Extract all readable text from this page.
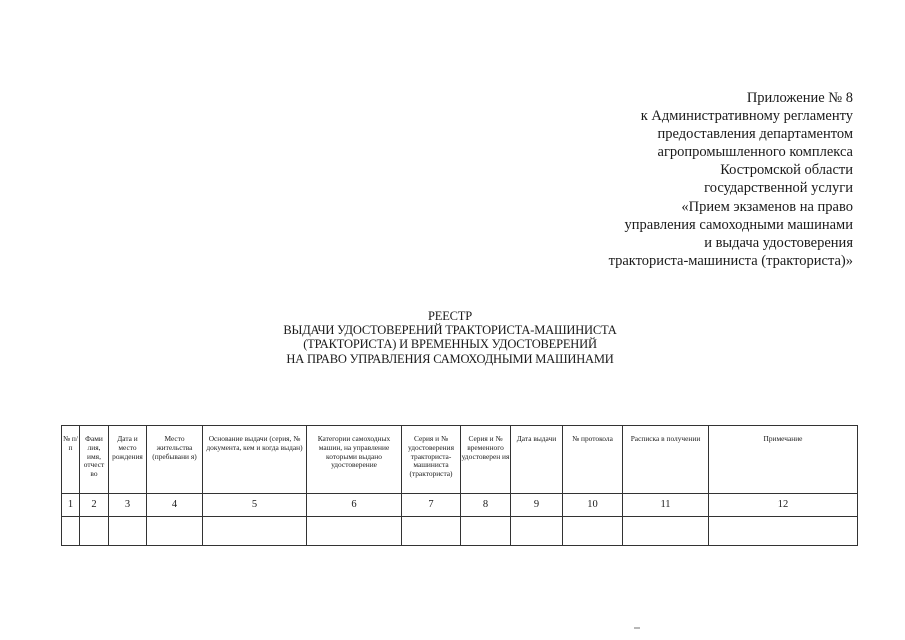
Приложение № 8
к Административному регламенту
предоставления департаментом
агропромышленного комплекса
Костромской области
государственной услуги
«Прием экзаменов на право
управления самоходными машинами
и выдача удостоверения
тракториста-машиниста (тракториста)»
РЕЕСТР
ВЫДАЧИ УДОСТОВЕРЕНИЙ ТРАКТОРИСТА-МАШИНИСТА
(ТРАКТОРИСТА) И ВРЕМЕННЫХ УДОСТОВЕРЕНИЙ
НА ПРАВО УПРАВЛЕНИЯ САМОХОДНЫМИ МАШИНАМИ
№ п/п	Фами лия, имя, отчест во	Дата и место рождения	Место жительства (пребывани я)	Основание выдачи (серия, № документа, кем и когда выдан)	Категории самоходных машин, на управление которыми выдано удостоверение	Серия и № удостоверения тракториста-машиниста (тракториста)	Серия и № временного удостоверен ия	Дата выдачи	№ протокола	Расписка в получении	Примечание
1	2	3	4	5	6	7	8	9	10	11	12
